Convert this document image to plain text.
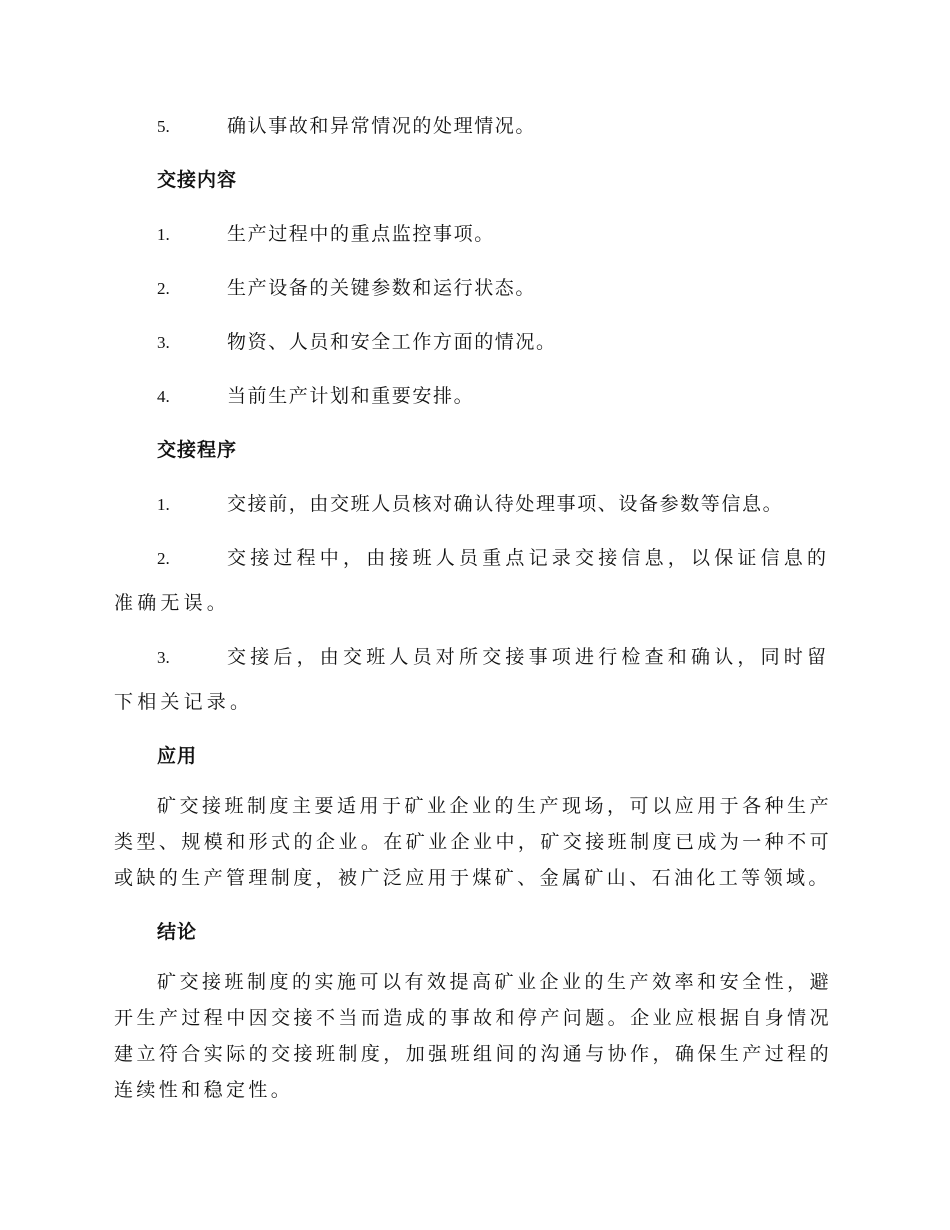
5.	确认事故和异常情况的处理情况。
交接内容
1.	生产过程中的重点监控事项。
2.	生产设备的关键参数和运行状态。
3.	物资、人员和安全工作方面的情况。
4.	当前生产计划和重要安排。
交接程序
1.	交接前，由交班人员核对确认待处理事项、设备参数等信息。
2.	交接过程中，由接班人员重点记录交接信息，以保证信息的准确无误。
3.	交接后，由交班人员对所交接事项进行检查和确认，同时留下相关记录。
应用

矿交接班制度主要适用于矿业企业的生产现场，可以应用于各种生产类型、规模和形式的企业。在矿业企业中，矿交接班制度已成为一种不可或缺的生产管理制度，被广泛应用于煤矿、金属矿山、石油化工等领域。

结论

矿交接班制度的实施可以有效提高矿业企业的生产效率和安全性，避开生产过程中因交接不当而造成的事故和停产问题。企业应根据自身情况建立符合实际的交接班制度，加强班组间的沟通与协作，确保生产过程的连续性和稳定性。
